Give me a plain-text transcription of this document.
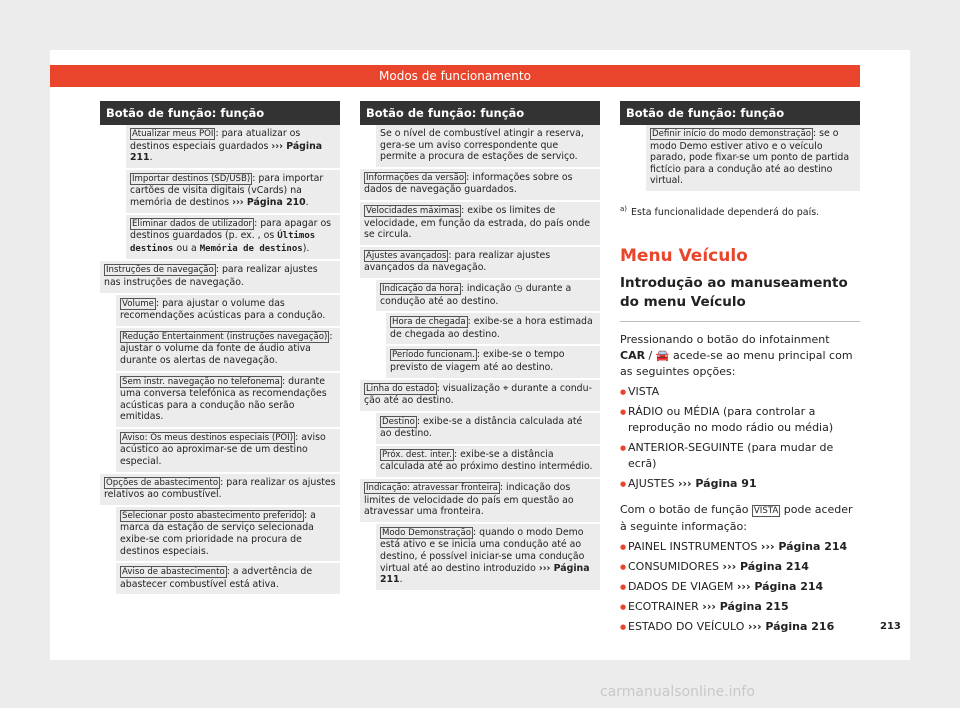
Modos de funcionamento
Botão de função: função
Atualizar meus POI : para atualizar os destinos especiais guardados ››› Página 211.
Importar destinos (SD/USB) : para importar cartões de visita digitais (vCards) na memória de destinos ››› Página 210.
Eliminar dados de utilizador : para apagar os destinos guardados (p. ex. , os Últimos destinos ou a Memória de destinos).
Instruções de navegação : para realizar ajustes nas instruções de navegação.
Volume : para ajustar o volume das recomendações acústicas para a condução.
Redução Entertainment (instruções navegação) : ajustar o volume da fonte de áudio ativa durante os alertas de navegação.
Sem instr. navegação no telefonema : durante uma conversa telefónica as recomendações acústicas para a condução não serão emitidas.
Aviso: Os meus destinos especiais (POI) : aviso acústico ao aproximar-se de um destino especial.
Opções de abastecimento : para realizar os ajustes relativos ao combustível.
Selecionar posto abastecimento preferido : a marca da estação de serviço selecionada exibe-se com prioridade na procura de destinos especiais.
Aviso de abastecimento : a advertência de abastecer combustível está ativa.
Botão de função: função
Se o nível de combustível atingir a reserva, gera-se um aviso correspondente que permite a procura de estações de serviço.
Informações da versão : informações sobre os dados de navegação guardados.
Velocidades máximas : exibe os limites de velocidade, em função da estrada, do país onde se circula.
Ajustes avançados : para realizar ajustes avançados da navegação.
Indicação da hora : indicação ◷ durante a condução até ao destino.
Hora de chegada : exibe-se a hora estimada de chegada ao destino.
Período funcionam. : exibe-se o tempo previsto de viagem até ao destino.
Linha do estado : visualização ⌖ durante a condução até ao destino.
Destino : exibe-se a distância calculada até ao destino.
Próx. dest. inter. : exibe-se a distância calculada até ao próximo destino intermédio.
Indicação: atravessar fronteira : indicação dos limites de velocidade do país em questão ao atravessar uma fronteira.
Modo Demonstração : quando o modo Demo está ativo e se inicia uma condução até ao destino, é possível iniciar-se uma condução virtual até ao destino introduzido ››› Página 211.
Botão de função: função
Definir início do modo demonstração : se o modo Demo estiver ativo e o veículo parado, pode fixar-se um ponto de partida fictício para a condução até ao destino virtual.
$^{a)}$ Esta funcionalidade dependerá do país.
Menu Veículo
Introdução ao manuseamento do menu Veículo
Pressionando o botão do infotainment
CAR / 🚘 acede-se ao menu principal com as seguintes opções:
● VISTA
● RÁDIO ou MÉDIA (para controlar a reprodução no modo rádio ou média)
● ANTERIOR-SEGUINTE (para mudar de ecrã)
● AJUSTES ››› Página 91
Com o botão de função VISTA pode aceder à seguinte informação:
● PAINEL INSTRUMENTOS ››› Página 214
● CONSUMIDORES ››› Página 214
● DADOS DE VIAGEM ››› Página 214
● ECOTRAINER ››› Página 215
● ESTADO DO VEÍCULO ››› Página 216	213
carmanualsonline.info
